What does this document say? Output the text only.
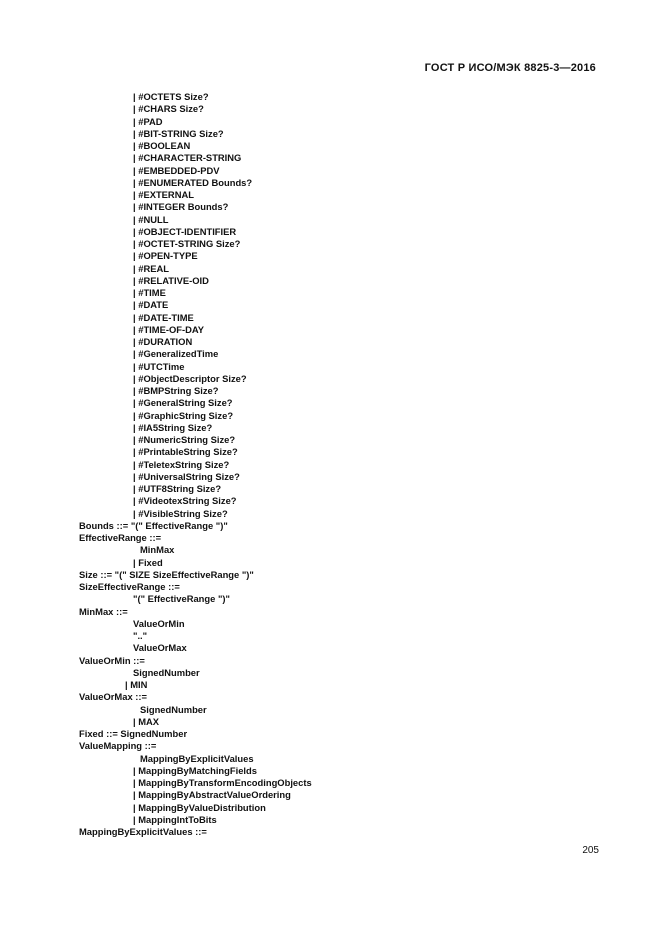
ГОСТ Р ИСО/МЭК 8825-3—2016
| #OCTETS Size?
| #CHARS Size?
| #PAD
| #BIT-STRING Size?
| #BOOLEAN
| #CHARACTER-STRING
| #EMBEDDED-PDV
| #ENUMERATED Bounds?
| #EXTERNAL
| #INTEGER Bounds?
| #NULL
| #OBJECT-IDENTIFIER
| #OCTET-STRING Size?
| #OPEN-TYPE
| #REAL
| #RELATIVE-OID
| #TIME
| #DATE
| #DATE-TIME
| #TIME-OF-DAY
| #DURATION
| #GeneralizedTime
| #UTCTime
| #ObjectDescriptor Size?
| #BMPString Size?
| #GeneralString Size?
| #GraphicString Size?
| #IA5String Size?
| #NumericString Size?
| #PrintableString Size?
| #TeletexString Size?
| #UniversalString Size?
| #UTF8String Size?
| #VideotexString Size?
| #VisibleString Size?
Bounds ::= "(" EffectiveRange ")"
EffectiveRange ::=
MinMax
| Fixed
Size ::= "(" SIZE SizeEffectiveRange ")"
SizeEffectiveRange ::=
"(" EffectiveRange ")"
MinMax ::=
ValueOrMin
".."
ValueOrMax
ValueOrMin ::=
SignedNumber
| MIN
ValueOrMax ::=
SignedNumber
| MAX
Fixed ::= SignedNumber
ValueMapping ::=
MappingByExplicitValues
| MappingByMatchingFields
| MappingByTransformEncodingObjects
| MappingByAbstractValueOrdering
| MappingByValueDistribution
| MappingIntToBits
MappingByExplicitValues ::=
205
